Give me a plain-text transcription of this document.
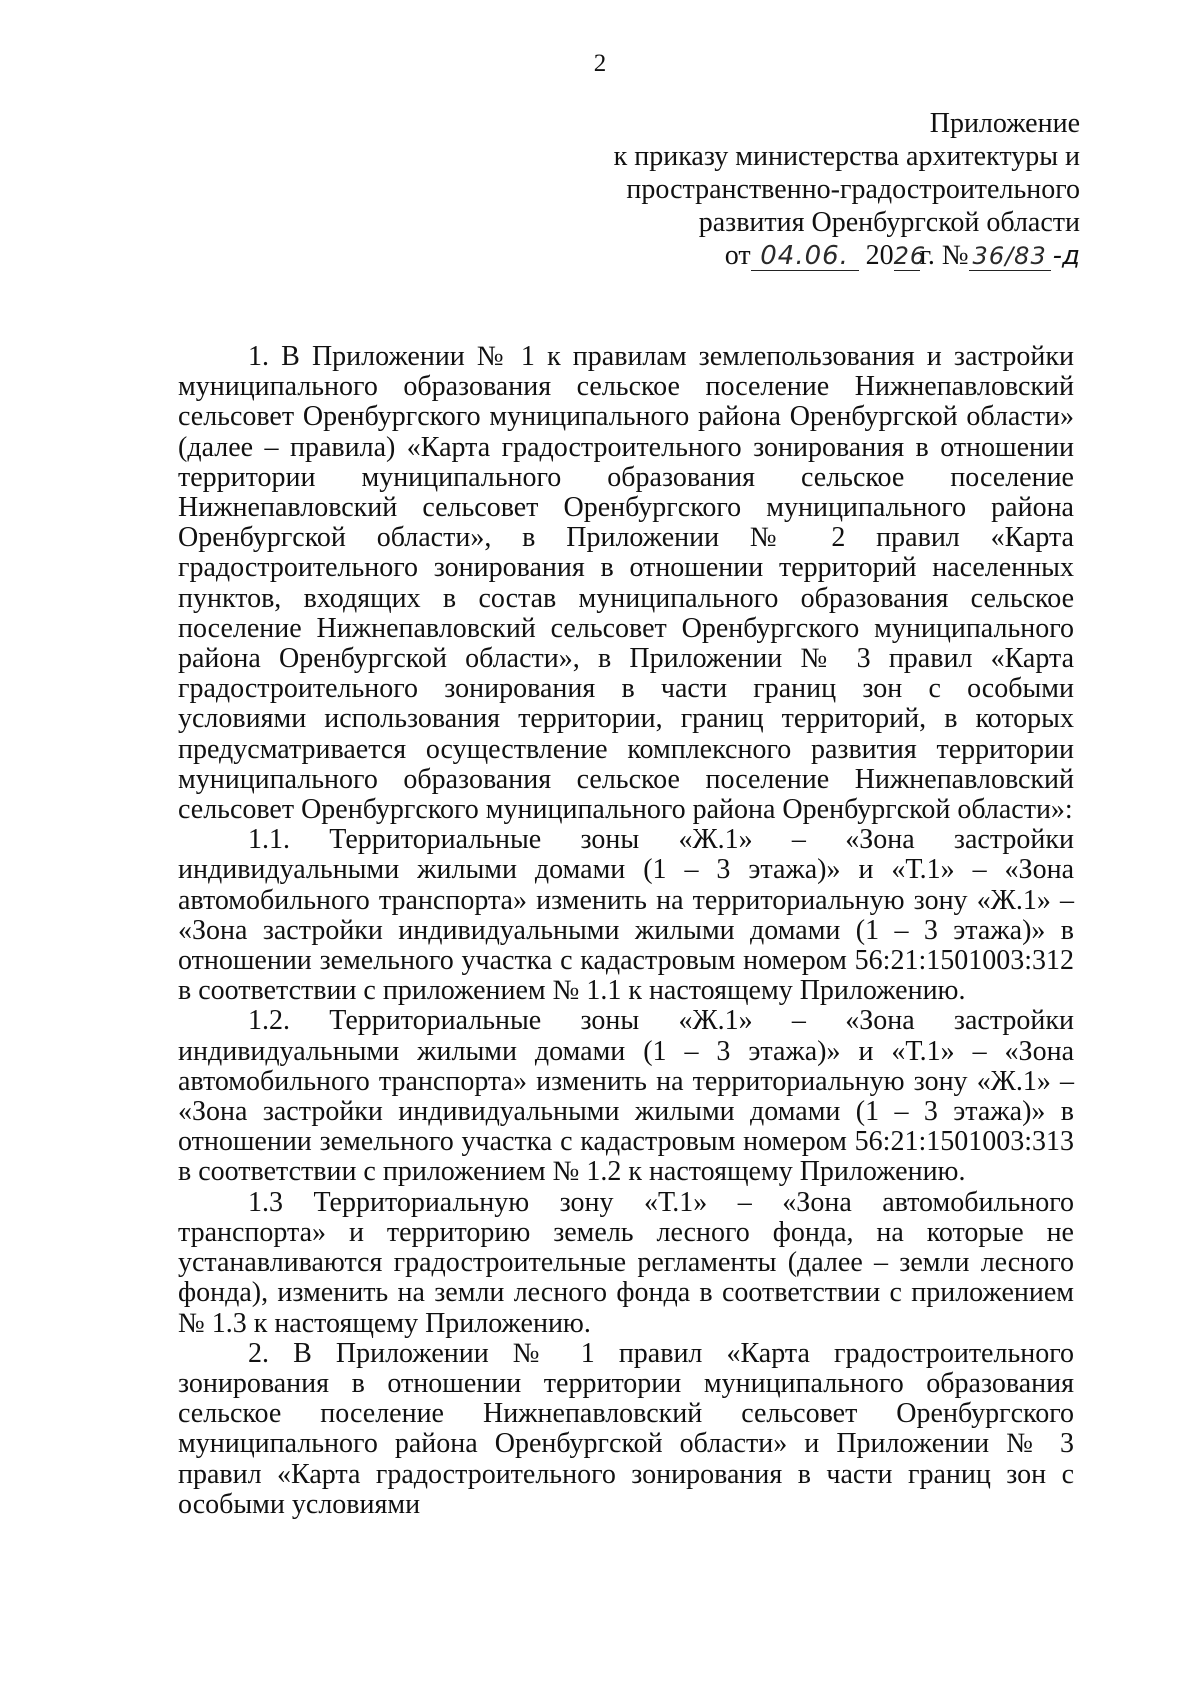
2
Приложение
к приказу министерства архитектуры и
пространственно-градостроительного
развития Оренбургской области
от 04.06. 2026г. № 36/83 -д

1. В Приложении № 1 к правилам землепользования и застройки муниципального образования сельское поселение Нижнепавловский сельсовет Оренбургского муниципального района Оренбургской области» (далее – правила) «Карта градостроительного зонирования в отношении территории муниципального образования сельское поселение Нижнепавловский сельсовет Оренбургского муниципального района Оренбургской области», в Приложении № 2 правил «Карта градостроительного зонирования в отношении территорий населенных пунктов, входящих в состав муниципального образования сельское поселение Нижнепавловский сельсовет Оренбургского муниципального района Оренбургской области», в Приложении № 3 правил «Карта градостроительного зонирования в части границ зон с особыми условиями использования территории, границ территорий, в которых предусматривается осуществление комплексного развития территории муниципального образования сельское поселение Нижнепавловский сельсовет Оренбургского муниципального района Оренбургской области»:

1.1. Территориальные зоны «Ж.1» – «Зона застройки индивидуальными жилыми домами (1 – 3 этажа)» и «Т.1» – «Зона автомобильного транспорта» изменить на территориальную зону «Ж.1» – «Зона застройки индивидуальными жилыми домами (1 – 3 этажа)» в отношении земельного участка с кадастровым номером 56:21:1501003:312 в соответствии с приложением № 1.1 к настоящему Приложению.

1.2. Территориальные зоны «Ж.1» – «Зона застройки индивидуальными жилыми домами (1 – 3 этажа)» и «Т.1» – «Зона автомобильного транспорта» изменить на территориальную зону «Ж.1» – «Зона застройки индивидуальными жилыми домами (1 – 3 этажа)» в отношении земельного участка с кадастровым номером 56:21:1501003:313 в соответствии с приложением № 1.2 к настоящему Приложению.

1.3 Территориальную зону «Т.1» – «Зона автомобильного транспорта» и территорию земель лесного фонда, на которые не устанавливаются градостроительные регламенты (далее – земли лесного фонда), изменить на земли лесного фонда в соответствии с приложением № 1.3 к настоящему Приложению.

2. В Приложении № 1 правил «Карта градостроительного зонирования в отношении территории муниципального образования сельское поселение Нижнепавловский сельсовет Оренбургского муниципального района Оренбургской области» и Приложении № 3 правил «Карта градостроительного зонирования в части границ зон с особыми условиями
